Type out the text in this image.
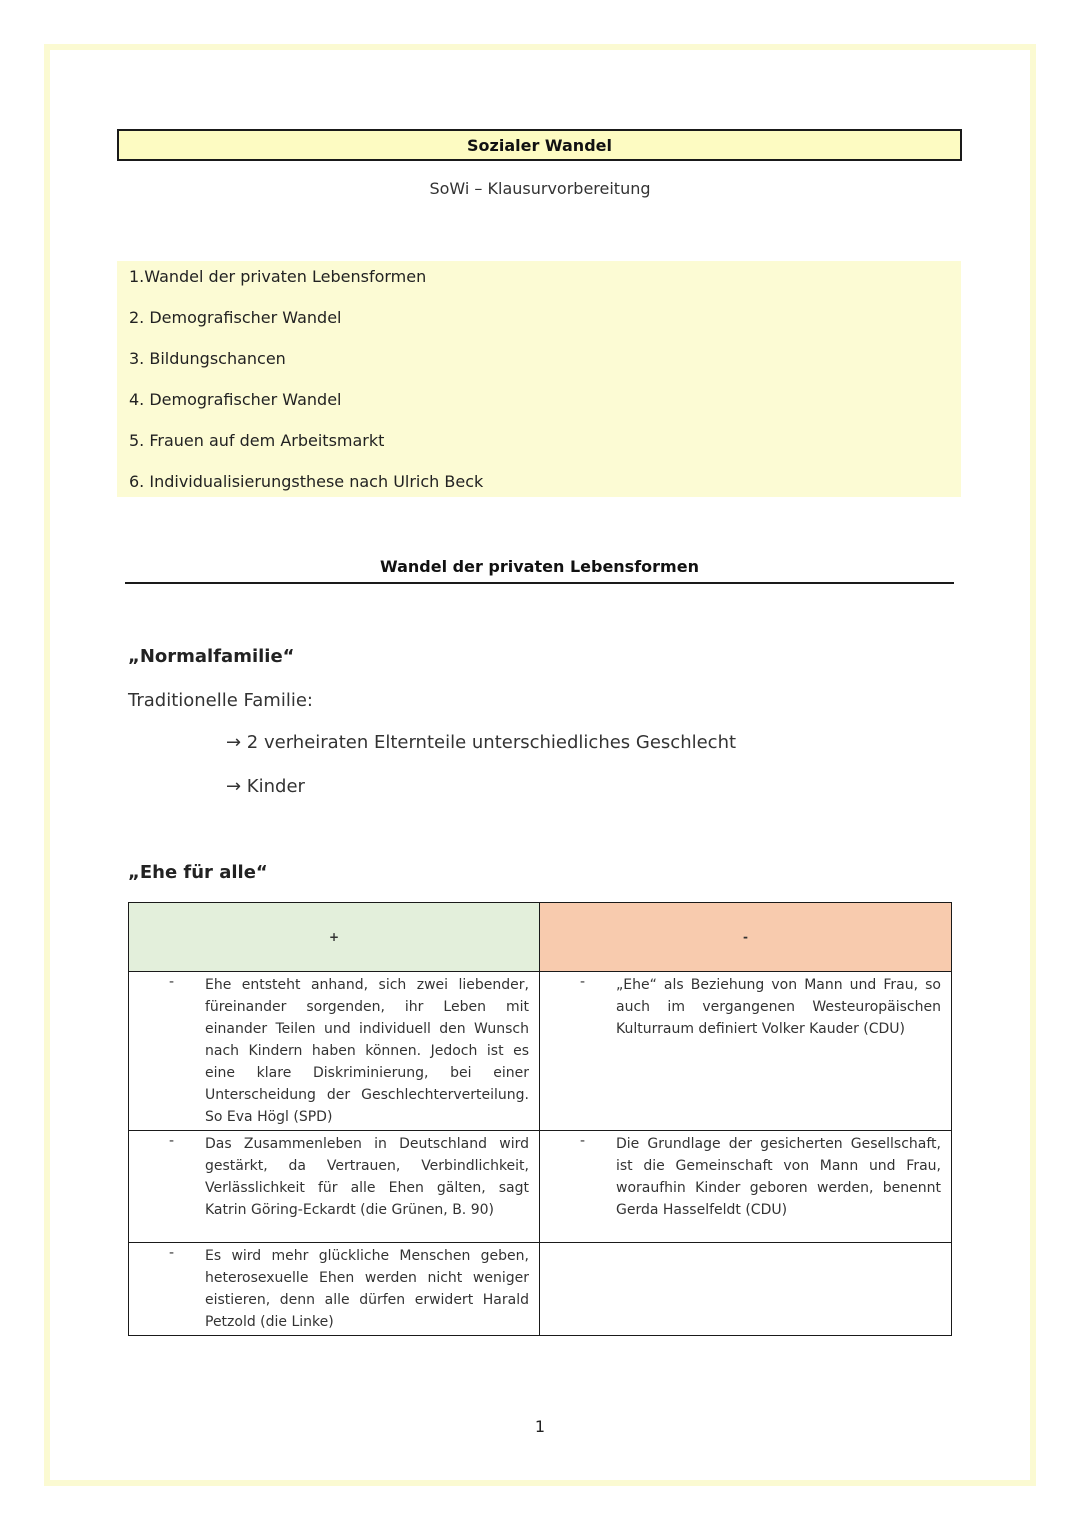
Sozialer Wandel
SoWi – Klausurvorbereitung
1.Wandel der privaten Lebensformen
2. Demografischer Wandel
3. Bildungschancen
4. Demografischer Wandel
5. Frauen auf dem Arbeitsmarkt
6. Individualisierungsthese nach Ulrich Beck
Wandel der privaten Lebensformen
„Normalfamilie“
Traditionelle Familie:
→ 2 verheiraten Elternteile unterschiedliches Geschlecht
→ Kinder
„Ehe für alle“
+	-

- Ehe entsteht anhand, sich zwei liebender, füreinander sorgenden, ihr Leben mit einander Teilen und individuell den Wunsch nach Kindern haben können. Jedoch ist es eine klare Diskriminierung, bei einer Unterscheidung der Geschlechterverteilung. So Eva Högl (SPD)	- „Ehe“ als Beziehung von Mann und Frau, so auch im vergangenen Westeuropäischen Kulturraum definiert Volker Kauder (CDU)

- Das Zusammenleben in Deutschland wird gestärkt, da Vertrauen, Verbindlichkeit, Verlässlichkeit für alle Ehen gälten, sagt Katrin Göring-Eckardt (die Grünen, B. 90)	- Die Grundlage der gesicherten Gesellschaft, ist die Gemeinschaft von Mann und Frau, woraufhin Kinder geboren werden, benennt Gerda Hasselfeldt (CDU)

- Es wird mehr glückliche Menschen geben, heterosexuelle Ehen werden nicht weniger eistieren, denn alle dürfen erwidert Harald Petzold (die Linke)	

1
